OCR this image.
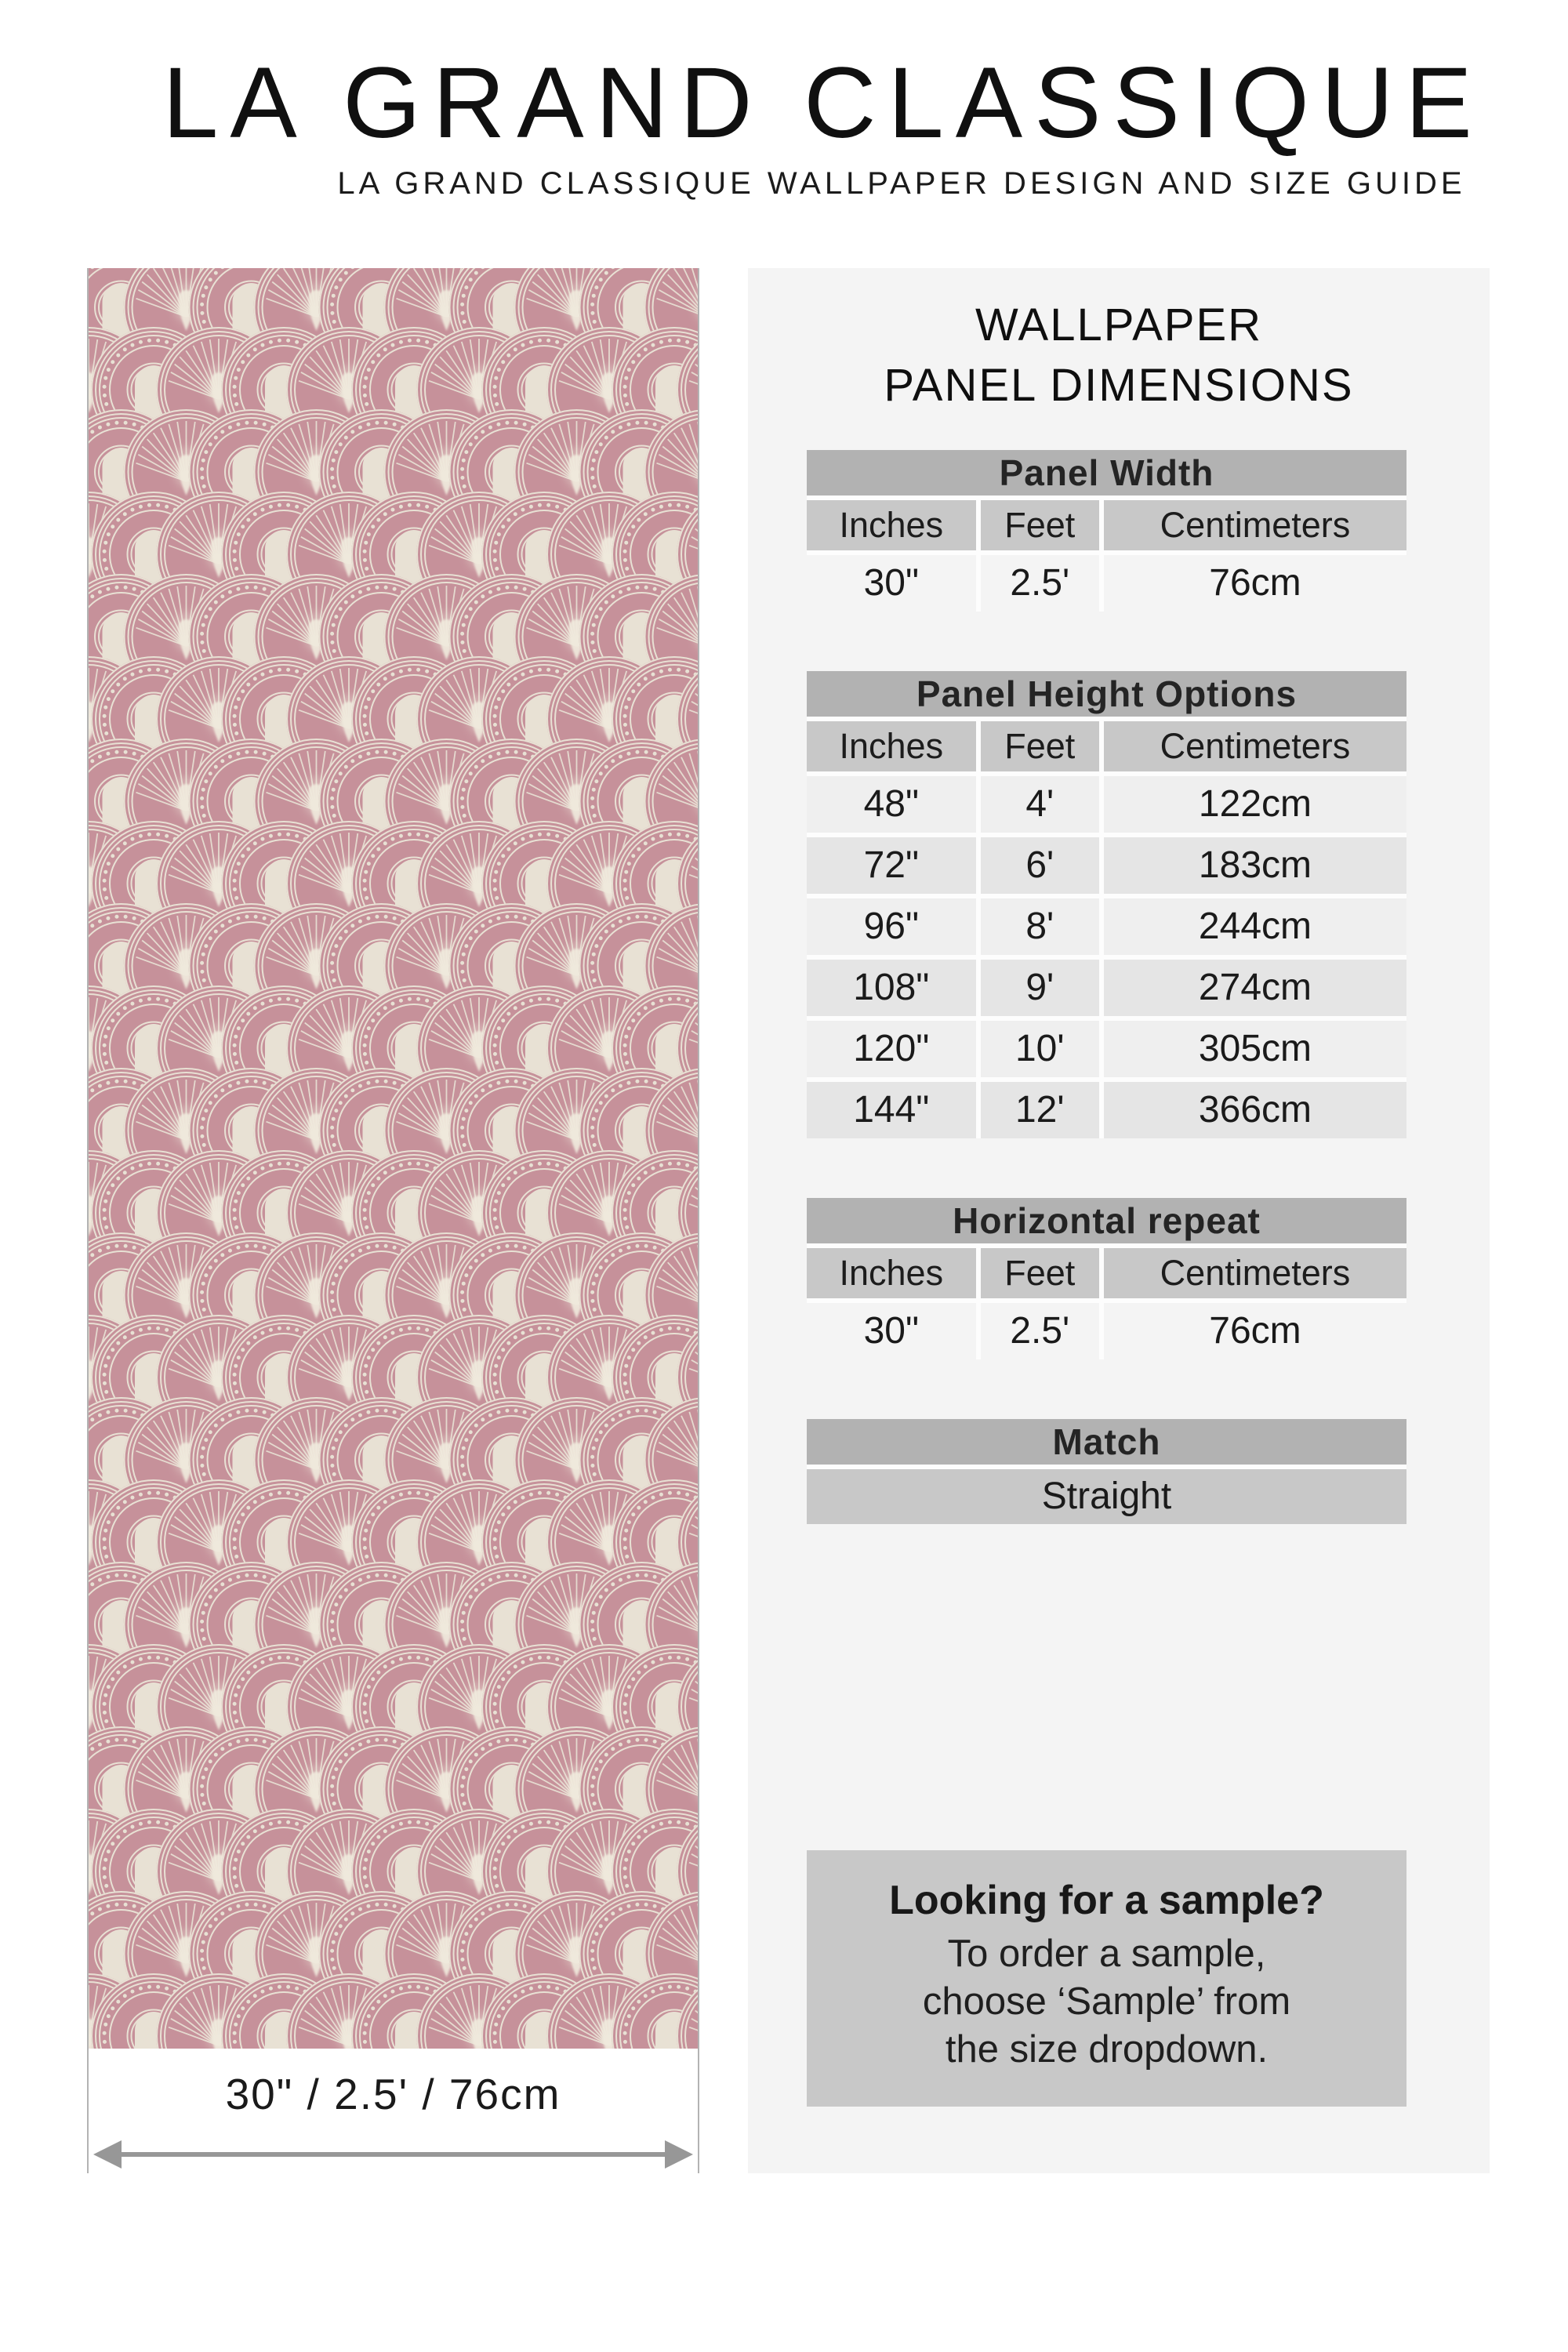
LA GRAND CLASSIQUE
LA GRAND CLASSIQUE WALLPAPER DESIGN AND SIZE GUIDE
30" / 2.5' / 76cm
WALLPAPER
PANEL DIMENSIONS
Panel Width
Inches	Feet	Centimeters
30"	2.5'	76cm
Panel Height Options
Inches	Feet	Centimeters
48"	4'	122cm
72"	6'	183cm
96"	8'	244cm
108"	9'	274cm
120"	10'	305cm
144"	12'	366cm
Horizontal repeat
Inches	Feet	Centimeters
30"	2.5'	76cm
Match
Straight
Looking for a sample?
To order a sample,
choose ‘Sample’ from
the size dropdown.
